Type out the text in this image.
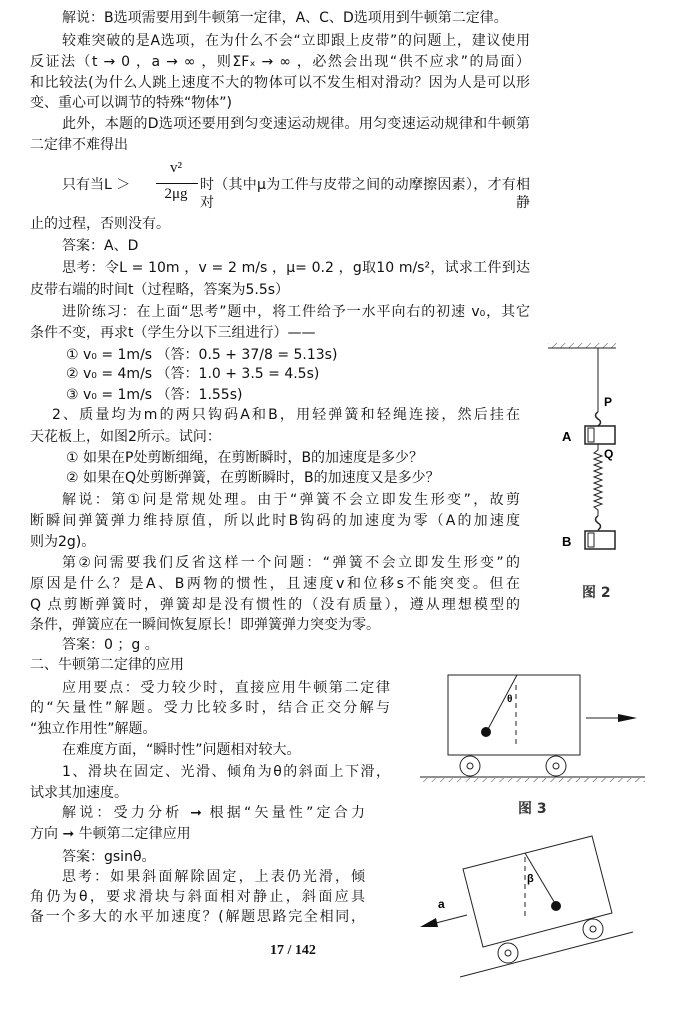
解说：B选项需要用到牛顿第一定律，A、C、D选项用到牛顿第二定律。
较难突破的是A选项，在为什么不会“立即跟上皮带”的问题上，建议使用
反证法（t → 0 ，a → ∞ ，则ΣFₓ → ∞ ，必然会出现“供不应求”的局面）
和比较法(为什么人跳上速度不大的物体可以不发生相对滑动？因为人是可以形
变、重心可以调节的特殊“物体”)
此外，本题的D选项还要用到匀变速运动规律。用匀变速运动规律和牛顿第
二定律不难得出
只有当L ＞
v²
2μg
时（其中μ为工件与皮带之间的动摩擦因素），才有相对静
止的过程，否则没有。
答案：A、D
思考：令L = 10m ，v = 2 m/s ，μ= 0.2 ，g取10 m/s²，试求工件到达
皮带右端的时间t（过程略，答案为5.5s）
进阶练习：在上面“思考”题中，将工件给予一水平向右的初速 v₀，其它
条件不变，再求t（学生分以下三组进行）——
① v₀ = 1m/s （答：0.5 + 37/8 = 5.13s)
② v₀ = 4m/s （答：1.0 + 3.5 = 4.5s)
③ v₀ = 1m/s （答：1.55s)
2、质量均为m的两只钩码A和B，用轻弹簧和轻绳连接，然后挂在
天花板上，如图2所示。试问：
① 如果在P处剪断细绳，在剪断瞬时，B的加速度是多少？
② 如果在Q处剪断弹簧，在剪断瞬时，B的加速度又是多少？
解说：第①问是常规处理。由于“弹簧不会立即发生形变”，故剪
断瞬间弹簧弹力维持原值，所以此时B钩码的加速度为零（A的加速度
则为2g)。
第②问需要我们反省这样一个问题：“弹簧不会立即发生形变”的
原因是什么？是A、B两物的惯性，且速度v和位移s不能突变。但在
Q 点剪断弹簧时，弹簧却是没有惯性的（没有质量），遵从理想模型的
条件，弹簧应在一瞬间恢复原长！即弹簧弹力突变为零。
答案：0 ；g 。
二、牛顿第二定律的应用
应用要点：受力较少时，直接应用牛顿第二定律
的“矢量性”解题。受力比较多时，结合正交分解与
“独立作用性”解题。
在难度方面，“瞬时性”问题相对较大。
1、滑块在固定、光滑、倾角为θ的斜面上下滑，
试求其加速度。
解说：受力分析 ➞ 根据“矢量性”定合力
方向 ➞ 牛顿第二定律应用
答案：gsinθ。
思考：如果斜面解除固定，上表仍光滑，倾
角仍为θ，要求滑块与斜面相对静止，斜面应具
备一个多大的水平加速度？(解题思路完全相同，
17 / 142
P
Q
A
B
图 2
θ
图 3
β
a
